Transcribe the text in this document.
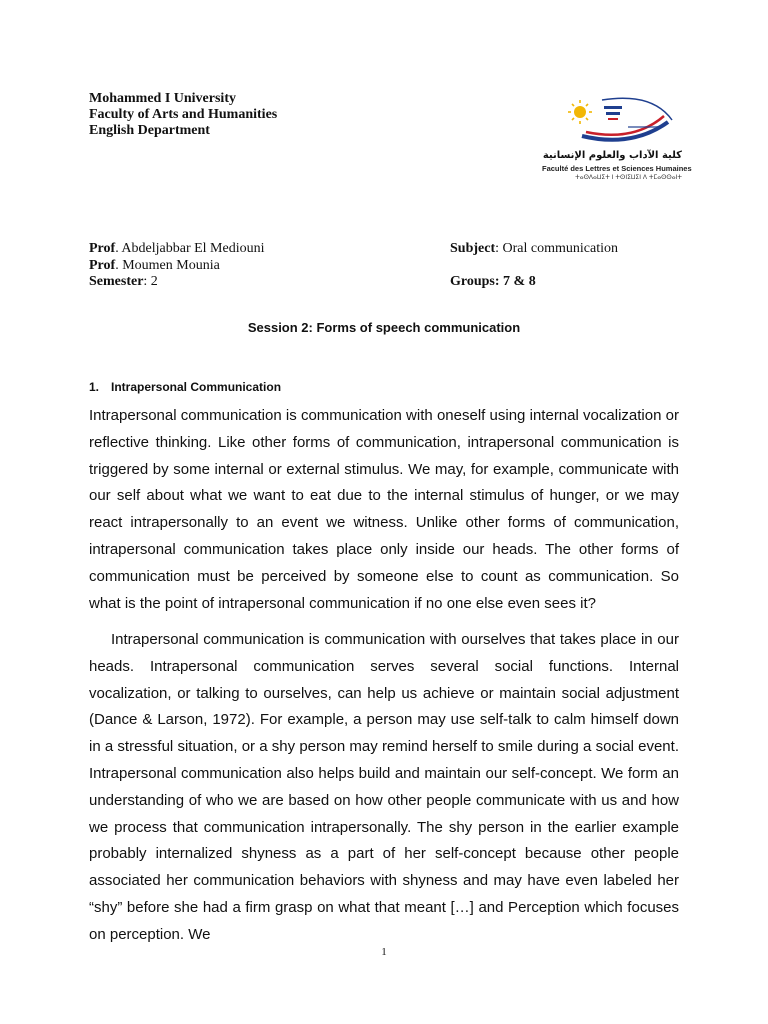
Mohammed I University
Faculty of Arts and Humanities
English Department
كلية الآداب والعلوم الإنسانية
Faculté des Lettres et Sciences Humaines
ⵜⴰⵙⴷⴰⵡⵉⵜ ⵏ ⵜⵙⵏⵉⵡⵉⵏ ⴷ ⵜⵎⴰⵙⵙⴰⵏⵜ
Prof. Abdeljabbar El Mediouni
Prof. Moumen Mounia
Semester: 2
Subject: Oral communication
Groups: 7 & 8
Session 2: Forms of speech communication
1. Intrapersonal Communication

Intrapersonal communication is communication with oneself using internal vocalization or reflective thinking. Like other forms of communication, intrapersonal communication is triggered by some internal or external stimulus. We may, for example, communicate with our self about what we want to eat due to the internal stimulus of hunger, or we may react intrapersonally to an event we witness. Unlike other forms of communication, intrapersonal communication takes place only inside our heads. The other forms of communication must be perceived by someone else to count as communication. So what is the point of intrapersonal communication if no one else even sees it?

Intrapersonal communication is communication with ourselves that takes place in our heads. Intrapersonal communication serves several social functions. Internal vocalization, or talking to ourselves, can help us achieve or maintain social adjustment (Dance & Larson, 1972). For example, a person may use self-talk to calm himself down in a stressful situation, or a shy person may remind herself to smile during a social event. Intrapersonal communication also helps build and maintain our self-concept. We form an understanding of who we are based on how other people communicate with us and how we process that communication intrapersonally. The shy person in the earlier example probably internalized shyness as a part of her self-concept because other people associated her communication behaviors with shyness and may have even labeled her “shy” before she had a firm grasp on what that meant […] and Perception which focuses on perception. We

1
